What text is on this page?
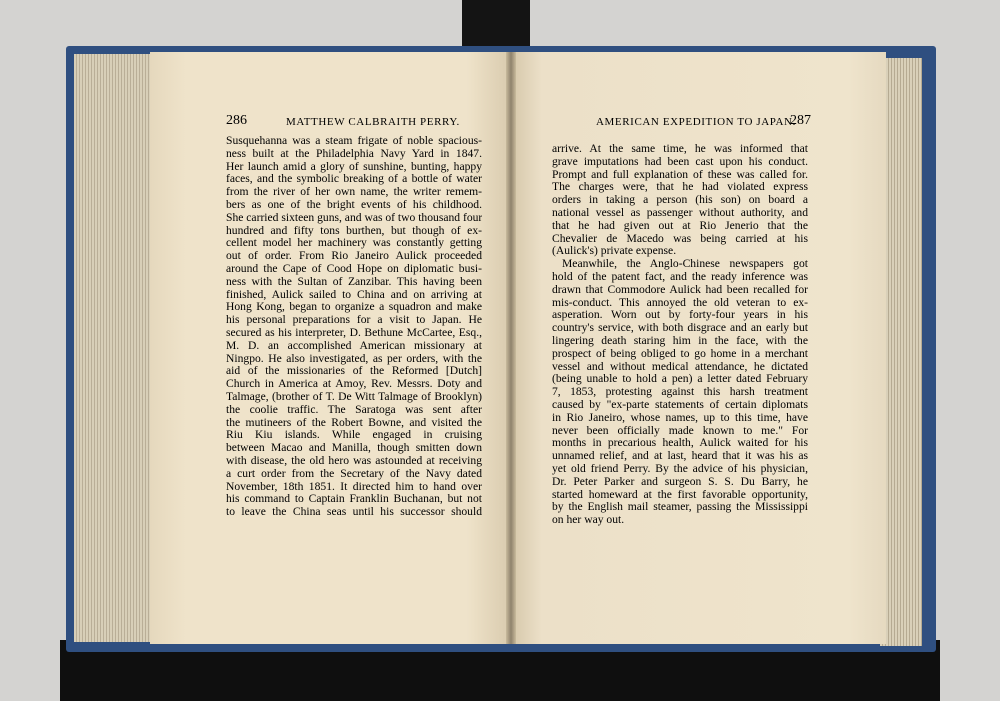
286	MATTHEW CALBRAITH PERRY.	AMERICAN EXPEDITION TO JAPAN.
287
Susquehanna was a steam frigate of noble spacious-
ness built at the Philadelphia Navy Yard in 1847.
Her launch amid a glory of sunshine, bunting, happy
faces, and the symbolic breaking of a bottle of water
from the river of her own name, the writer remem-
bers as one of the bright events of his childhood.
She carried sixteen guns, and was of two thousand four
hundred and fifty tons burthen, but though of ex-
cellent model her machinery was constantly getting
out of order. From Rio Janeiro Aulick proceeded
around the Cape of Cood Hope on diplomatic busi-
ness with the Sultan of Zanzibar. This having been
finished, Aulick sailed to China and on arriving at
Hong Kong, began to organize a squadron and make
his personal preparations for a visit to Japan. He
secured as his interpreter, D. Bethune McCartee, Esq.,
M. D. an accomplished American missionary at
Ningpo. He also investigated, as per orders, with the
aid of the missionaries of the Reformed [Dutch]
Church in America at Amoy, Rev. Messrs. Doty and
Talmage, (brother of T. De Witt Talmage of Brooklyn)
the coolie traffic. The Saratoga was sent after
the mutineers of the Robert Bowne, and visited the
Riu Kiu islands. While engaged in cruising
between Macao and Manilla, though smitten down
with disease, the old hero was astounded at receiving
a curt order from the Secretary of the Navy dated
November, 18th 1851. It directed him to hand over
his command to Captain Franklin Buchanan, but not
to leave the China seas until his successor should
arrive. At the same time, he was informed that
grave imputations had been cast upon his conduct.
Prompt and full explanation of these was called for.
The charges were, that he had violated express
orders in taking a person (his son) on board a
national vessel as passenger without authority, and
that he had given out at Rio Jenerio that the
Chevalier de Macedo was being carried at his
(Aulick's) private expense.
Meanwhile, the Anglo-Chinese newspapers got
hold of the patent fact, and the ready inference was
drawn that Commodore Aulick had been recalled for
mis-conduct. This annoyed the old veteran to ex-
asperation. Worn out by forty-four years in his
country's service, with both disgrace and an early but
lingering death staring him in the face, with the
prospect of being obliged to go home in a merchant
vessel and without medical attendance, he dictated
(being unable to hold a pen) a letter dated February
7, 1853, protesting against this harsh treatment
caused by "ex-parte statements of certain diplomats
in Rio Janeiro, whose names, up to this time, have
never been officially made known to me." For
months in precarious health, Aulick waited for his
unnamed relief, and at last, heard that it was his as
yet old friend Perry. By the advice of his physician,
Dr. Peter Parker and surgeon S. S. Du Barry, he
started homeward at the first favorable opportunity,
by the English mail steamer, passing the Mississippi
on her way out.
